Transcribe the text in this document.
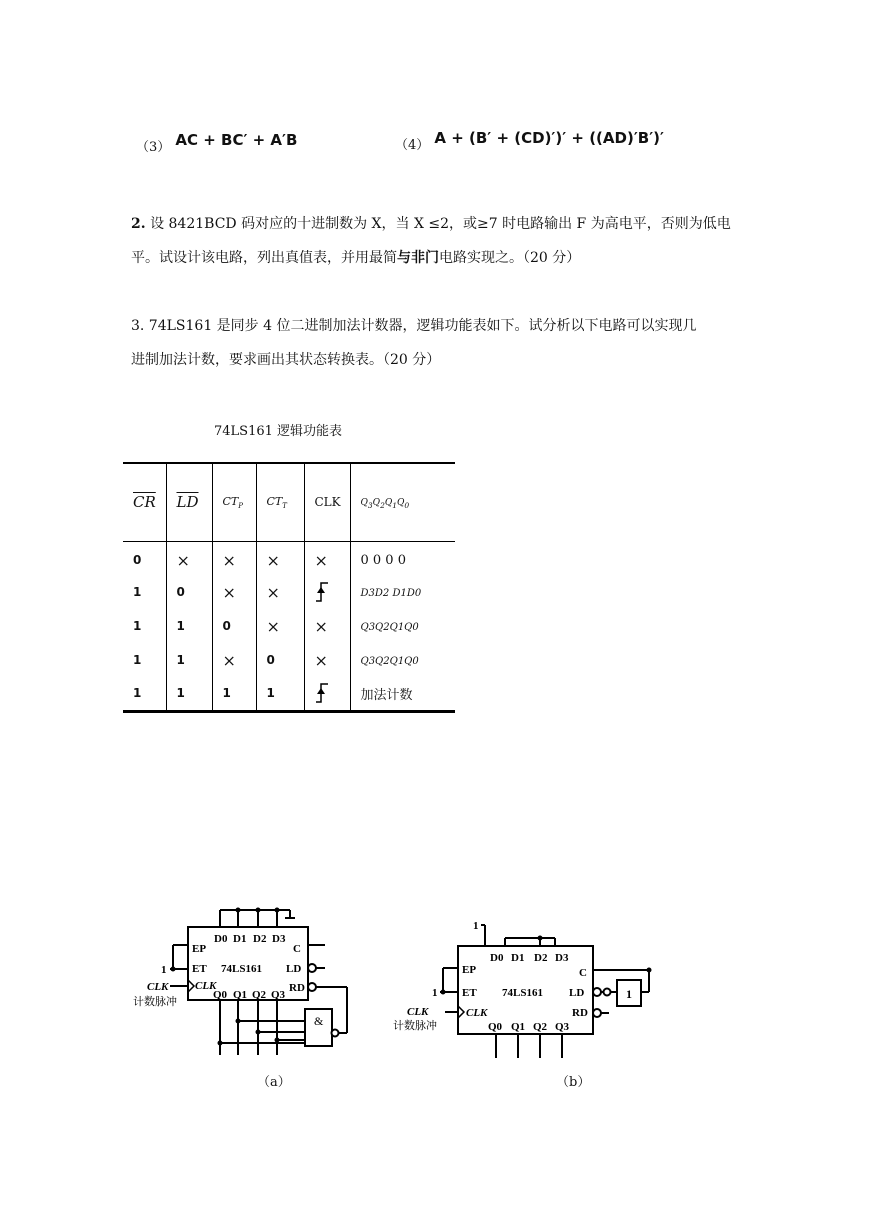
（3） AC + BC′ + A′B	（4） A + (B′ + (CD)′)′ + ((AD)′B′)′
2. 设 8421BCD 码对应的十进制数为 X，当 X ≤2，或≥7 时电路输出 F 为高电平，否则为低电
平。试设计该电路，列出真值表，并用最简与非门电路实现之。（20 分）
3. 74LS161 是同步 4 位二进制加法计数器，逻辑功能表如下。试分析以下电路可以实现几
进制加法计数，要求画出其状态转换表。（20 分）
74LS161 逻辑功能表
$\overline{CR}$	$\overline{LD}$	$CT_P$	$CT_T$	CLK	$Q_3Q_2Q_1Q_0$
0	×	×	×	×	0 0 0 0
1	0	×	×		D3D2 D1D0
1	1	0	×	×	Q3Q2Q1Q0
1	1	×	0	×	Q3Q2Q1Q0
1	1	1	1		加法计数
D0 D1 D2 D3
EP
ET
CLK
74LS161
C
LD
RD
Q0 Q1 Q2 Q3
&
1
CLK
计数脉冲
1
D0 D1 D2 D3
EP
ET
CLK
74LS161
C
LD
RD
Q0 Q1 Q2 Q3
1
1
CLK
计数脉冲
（a）	（b）
